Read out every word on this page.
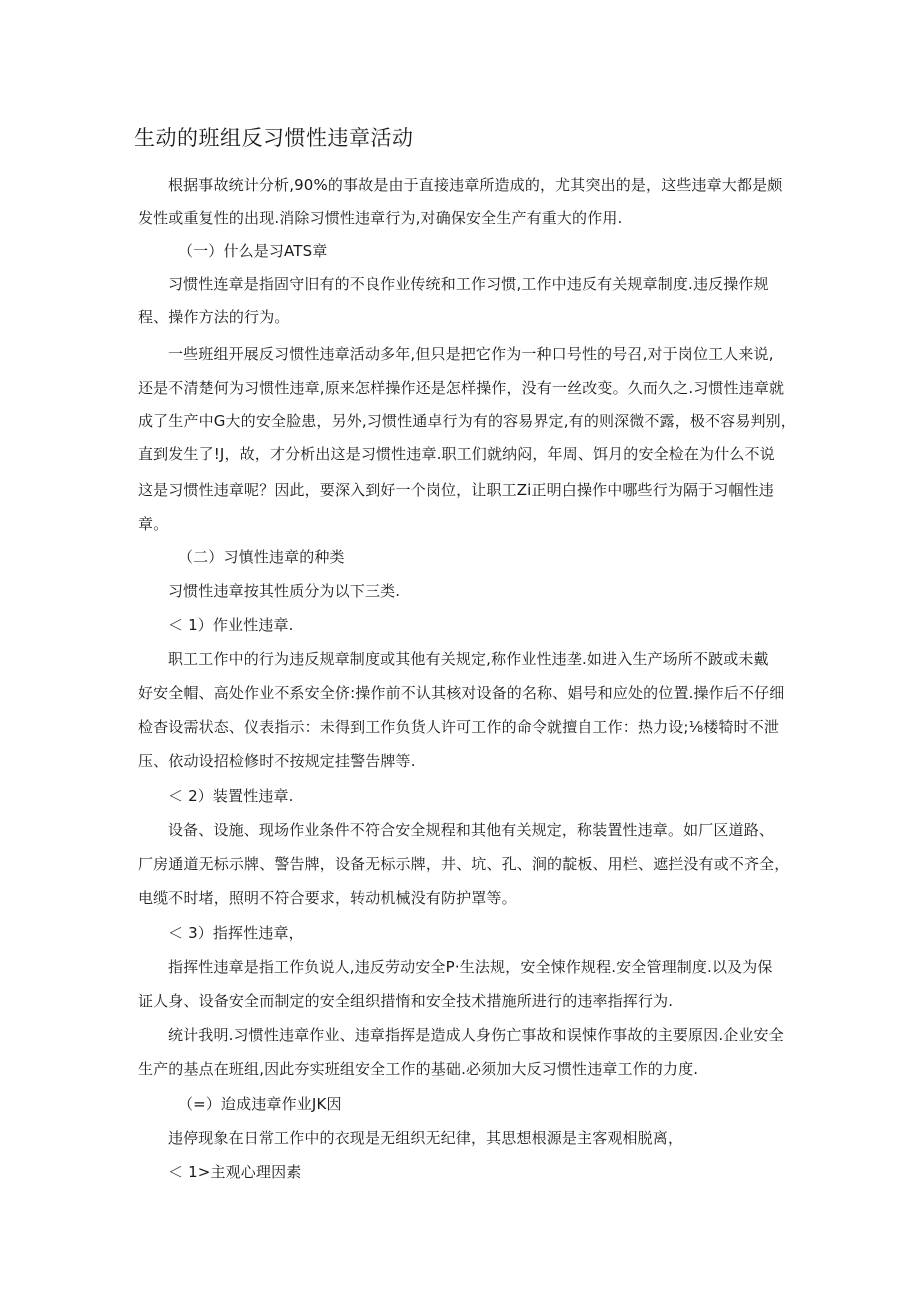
生动的班组反习惯性违章活动

根据事故统计分析,90%的事故是由于直接违章所造成的，尤其突出的是，这些违章大都是颇

发性或重复性的出现.消除习惯性违章行为,对确保安全生产有重大的作用.

（一）什么是习ATS章

习惯性连章是指固守旧有的不良作业传统和工作习惯,工作中违反有关规章制度.违反操作规

程、操作方法的行为。

一些班组开展反习惯性违章活动多年,但只是把它作为一种口号性的号召,对于岗位工人来说,

还是不清楚何为习惯性违章,原来怎样操作还是怎样操作，没有一丝改变。久而久之.习惯性违章就

成了生产中G大的安全脸患，另外,习惯性通卓行为有的容易界定,有的则深微不露，极不容易判别，

直到发生了!J，故，才分析出这是习惯性违章.职工们就纳闷，年周、饵月的安全检在为什么不说

这是习惯性违章呢？因此，要深入到好一个岗位，让职工Zi正明白操作中哪些行为隔于习帼性违

章。

（二）习慎性违章的种类

习惯性违章按其性质分为以下三类.

＜ 1）作业性违章.

职工工作中的行为违反规章制度或其他有关规定,称作业性违垄.如进入生产场所不跛或未戴

好安全帽、高处作业不系安全侪:操作前不认其核对设备的名称、娼号和应处的位置.操作后不仔细

检杳设需状态、仪表指示：未得到工作负货人许可工作的命令就擅自工作：热力设;⅛楼犄时不泄

压、依动设招检修时不按规定挂警告牌等.

＜ 2）装置性违章.

设备、设施、现场作业条件不符合安全规程和其他有关规定，称装置性违章。如厂区道路、

厂房通道无标示牌、警告牌，设备无标示牌，井、坑、孔、涧的靛板、用栏、遮拦没有或不齐全，

电缆不时堵，照明不符合要求，转动机械没有防护罩等。

＜ 3）指挥性违章，

指挥性违章是指工作负说人,违反劳动安全P·生法规，安全悚作规程.安全管理制度.以及为保

证人身、设备安全而制定的安全组织措惰和安全技术措施所进行的违率指挥行为.

统计我明.习惯性违章作业、违章指挥是造成人身伤亡事故和误悚作事故的主要原因.企业安全

生产的基点在班组,因此夯实班组安全工作的基础.必须加大反习惯性违章工作的力度.

（=）迨成违章作业JK因

违停现象在日常工作中的衣现是无组织无纪律，其思想根源是主客观相脱离，

＜ 1>主观心理因素
